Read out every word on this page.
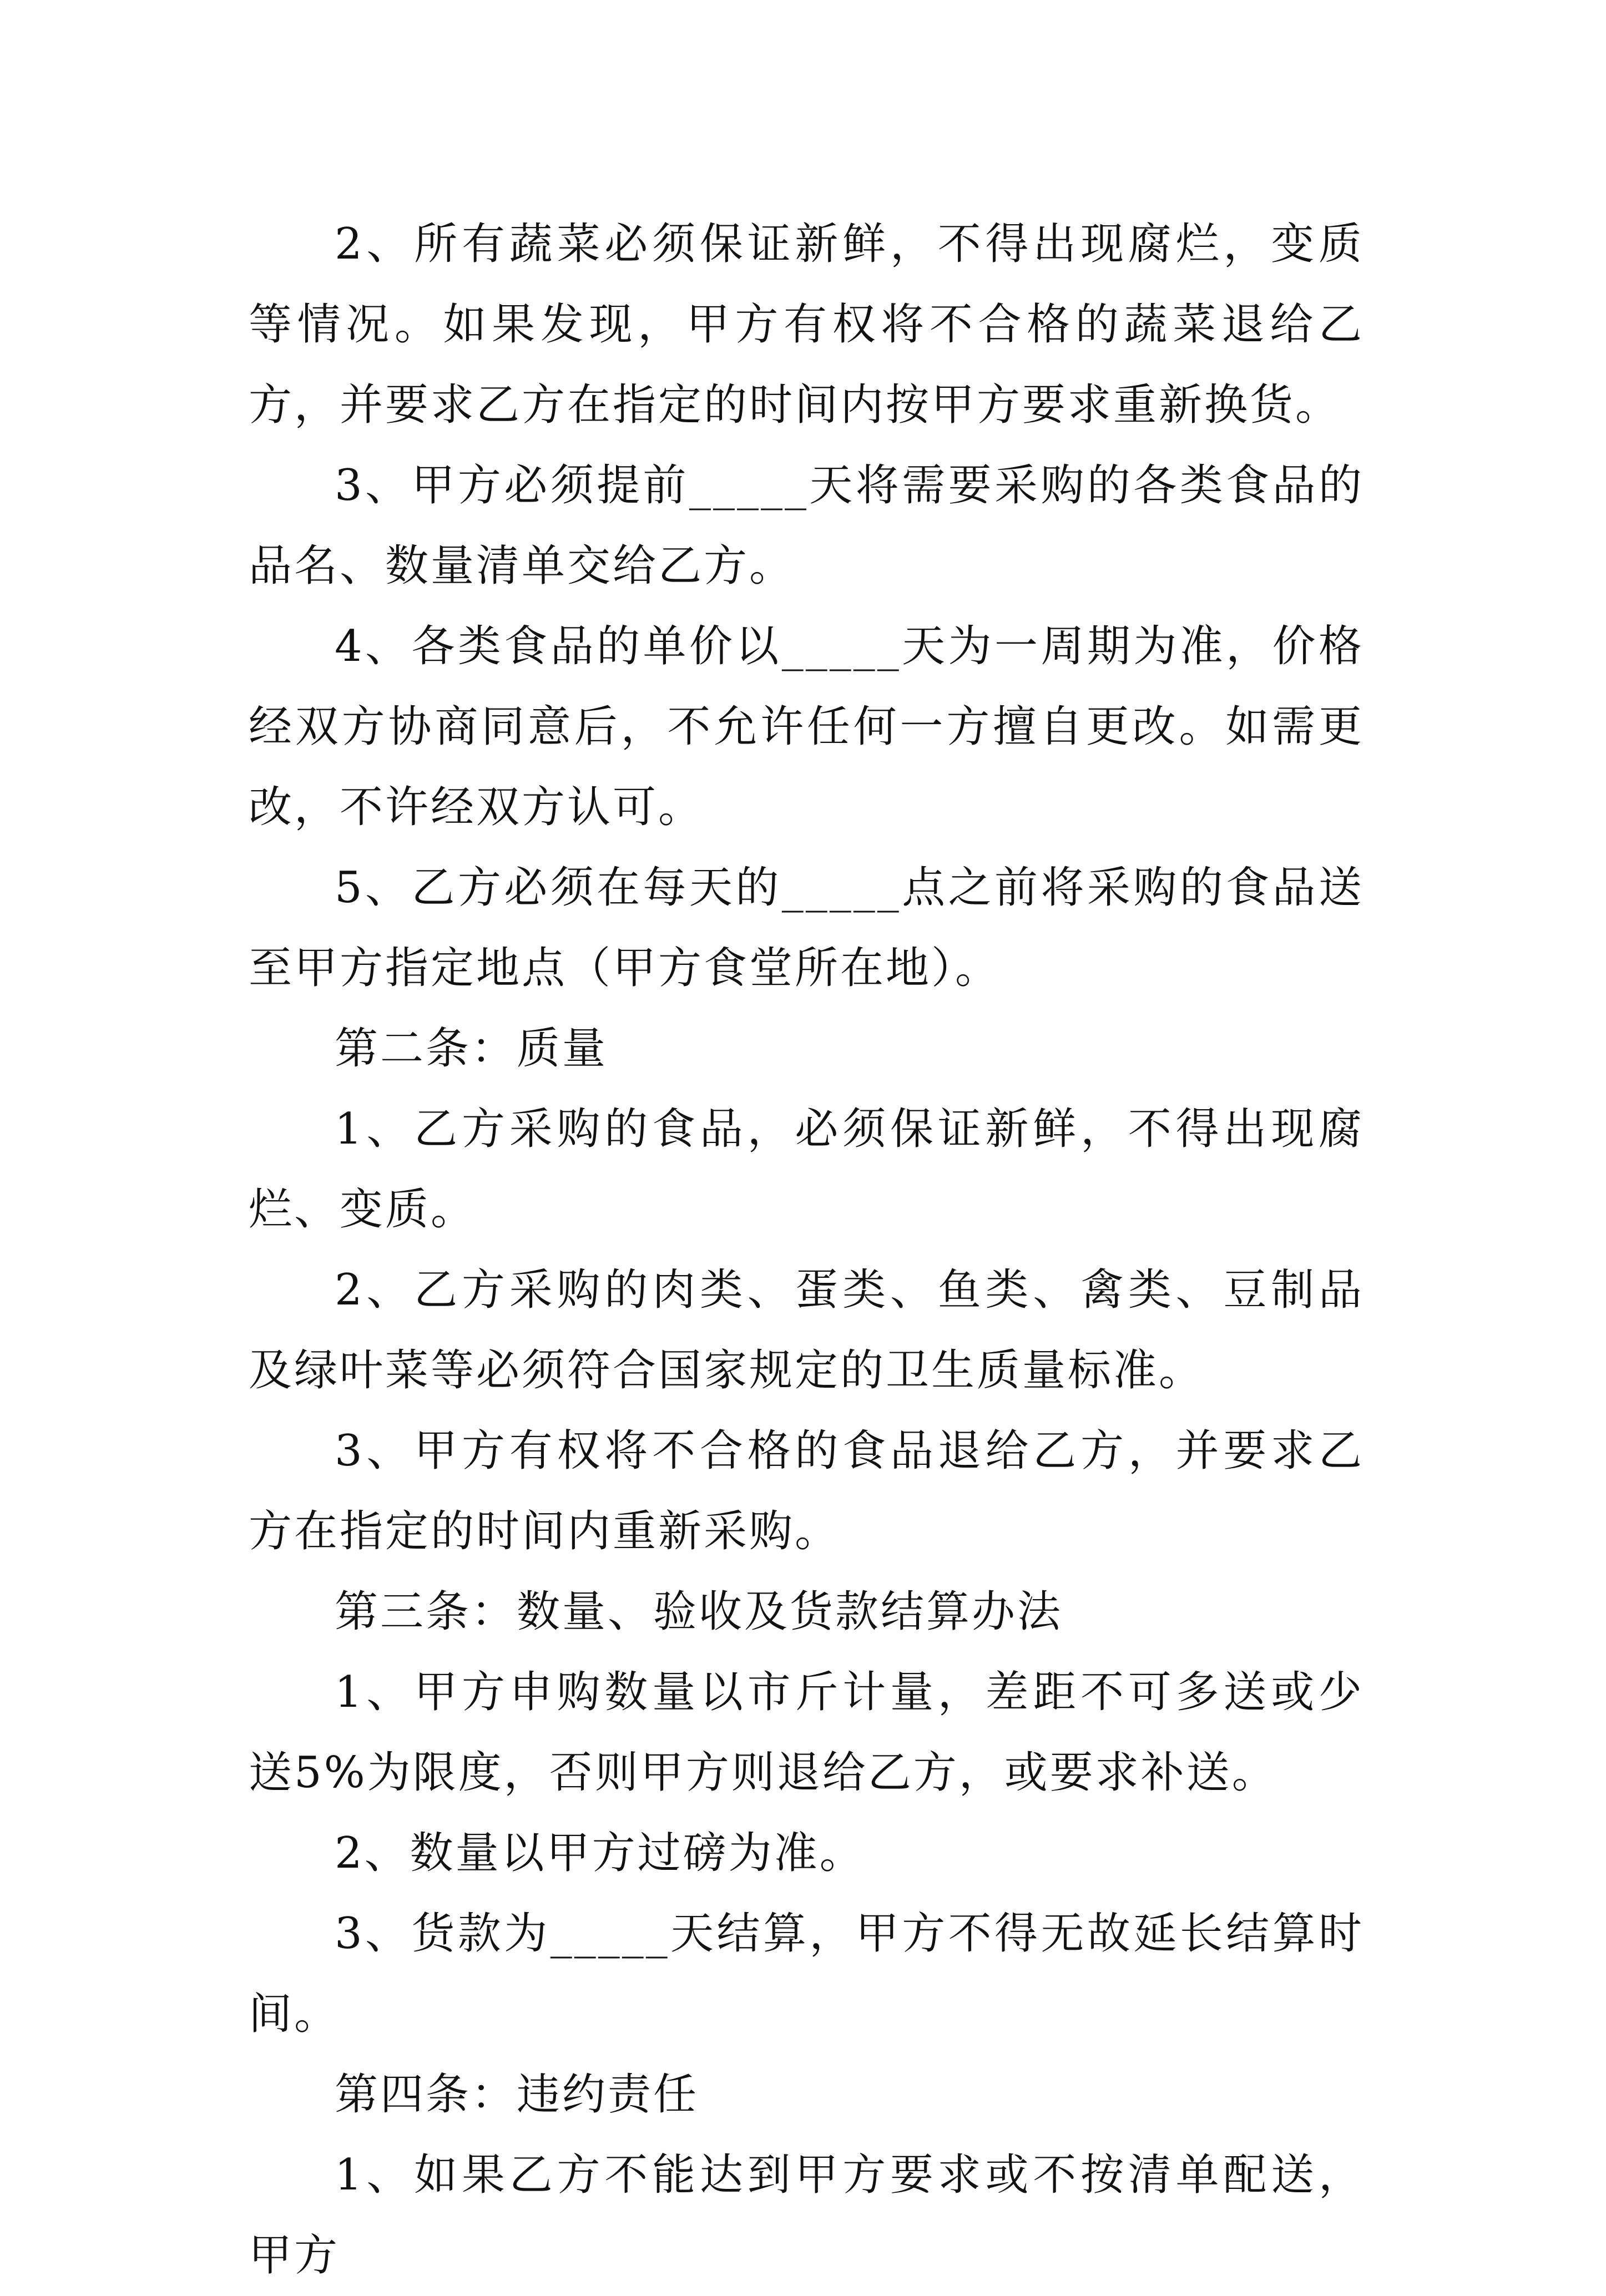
2、所有蔬菜必须保证新鲜，不得出现腐烂，变质等情况。如果发现，甲方有权将不合格的蔬菜退给乙方，并要求乙方在指定的时间内按甲方要求重新换货。

3、甲方必须提前_____天将需要采购的各类食品的品名、数量清单交给乙方。

4、各类食品的单价以_____天为一周期为准，价格经双方协商同意后，不允许任何一方擅自更改。如需更改，不许经双方认可。

5、乙方必须在每天的_____点之前将采购的食品送至甲方指定地点（甲方食堂所在地）。

第二条：质量

1、乙方采购的食品，必须保证新鲜，不得出现腐烂、变质。

2、乙方采购的肉类、蛋类、鱼类、禽类、豆制品及绿叶菜等必须符合国家规定的卫生质量标准。

3、甲方有权将不合格的食品退给乙方，并要求乙方在指定的时间内重新采购。

第三条：数量、验收及货款结算办法

1、甲方申购数量以市斤计量，差距不可多送或少送5%为限度，否则甲方则退给乙方，或要求补送。

2、数量以甲方过磅为准。

3、货款为_____天结算，甲方不得无故延长结算时间。

第四条：违约责任

1、如果乙方不能达到甲方要求或不按清单配送，甲方
